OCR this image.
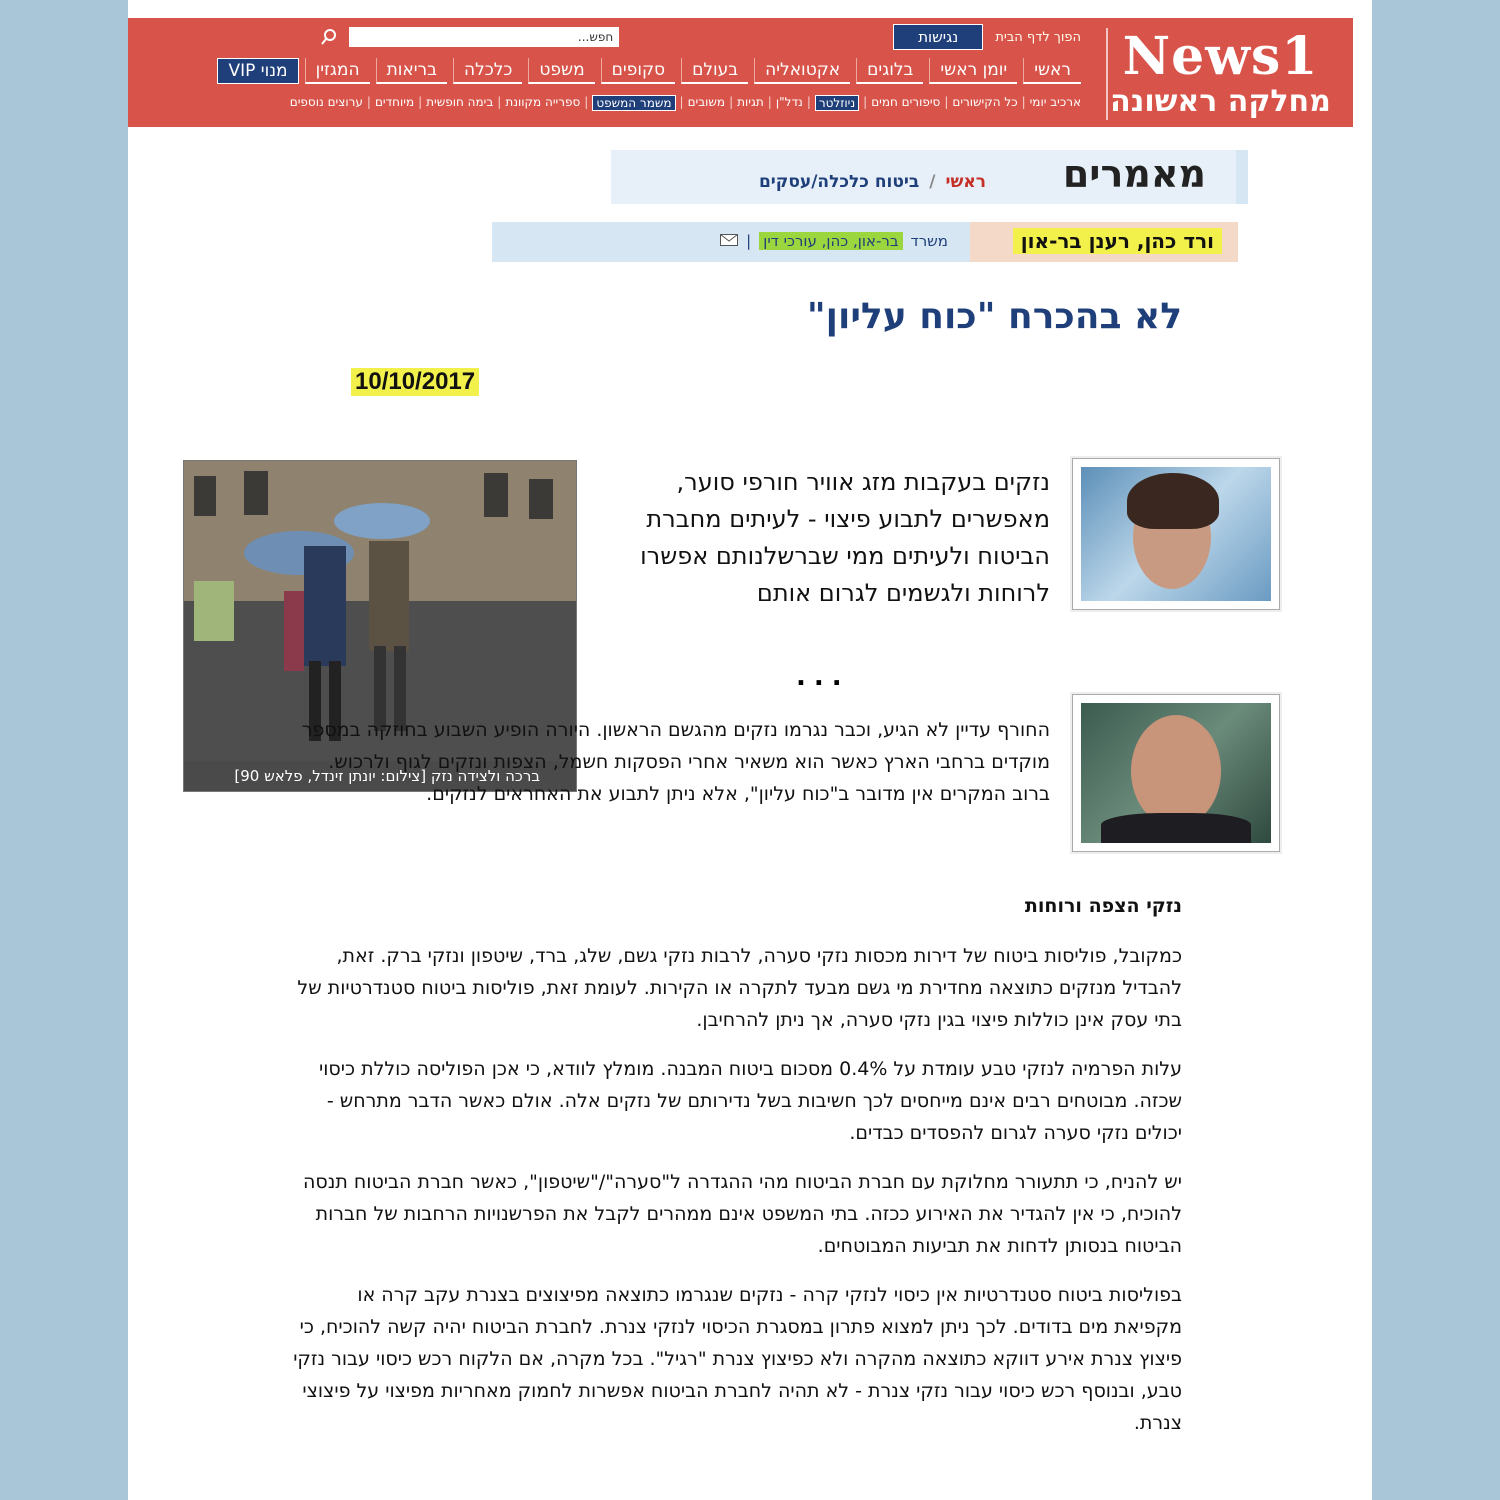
News1
מחלקה ראשונה
הפוך לדף הבית
נגישות
חפש...
ראשי
יומן ראשי
בלוגים
אקטואליה
בעולם
סקופים
משפט
כלכלה
בריאות
המגזין
מנוי VIP
ארכיב יומי
|
כל הקישורים
|
סיפורים חמים
|
ניוזלטר
|
נדל"ן
|
תגיות
|
משובים
|
משמר המשפט
|
ספרייה מקוונת
|
בימה חופשית
|
מיוחדים
|
ערוצים נוספים
מאמרים
ראשי/ביטוח כלכלה/עסקים
ורד כהן, רענן בר-און
משרד
בר-און, כהן, עורכי דין
|
לא בהכרח "כוח עליון"
10/10/2017
ברכה ולצידה נזק [צילום: יונתן זינדל, פלאש 90]
נזקים בעקבות מזג אוויר חורפי סוער, מאפשרים לתבוע פיצוי - לעיתים מחברת הביטוח ולעיתים ממי שברשלנותם אפשרו לרוחות ולגשמים לגרום אותם
...
החורף עדיין לא הגיע, וכבר נגרמו נזקים מהגשם הראשון. היורה הופיע השבוע בחוזקה במספר מוקדים ברחבי הארץ כאשר הוא משאיר אחרי הפסקות חשמל, הצפות ונזקים לגוף ולרכוש. ברוב המקרים אין מדובר ב"כוח עליון", אלא ניתן לתבוע את האחראים לנזקים.
נזקי הצפה ורוחות

כמקובל, פוליסות ביטוח של דירות מכסות נזקי סערה, לרבות נזקי גשם, שלג, ברד, שיטפון ונזקי ברק. זאת, להבדיל מנזקים כתוצאה מחדירת מי גשם מבעד לתקרה או הקירות. לעומת זאת, פוליסות ביטוח סטנדרטיות של בתי עסק אינן כוללות פיצוי בגין נזקי סערה, אך ניתן להרחיבן.

עלות הפרמיה לנזקי טבע עומדת על 0.4% מסכום ביטוח המבנה. מומלץ לוודא, כי אכן הפוליסה כוללת כיסוי שכזה. מבוטחים רבים אינם מייחסים לכך חשיבות בשל נדירותם של נזקים אלה. אולם כאשר הדבר מתרחש - יכולים נזקי סערה לגרום להפסדים כבדים.

יש להניח, כי תתעורר מחלוקת עם חברת הביטוח מהי ההגדרה ל"סערה"/"שיטפון", כאשר חברת הביטוח תנסה להוכיח, כי אין להגדיר את האירוע ככזה. בתי המשפט אינם ממהרים לקבל את הפרשנויות הרחבות של חברות הביטוח בנסותן לדחות את תביעות המבוטחים.

בפוליסות ביטוח סטנדרטיות אין כיסוי לנזקי קרה - נזקים שנגרמו כתוצאה מפיצוצים בצנרת עקב קרה או מקפיאת מים בדודים. לכך ניתן למצוא פתרון במסגרת הכיסוי לנזקי צנרת. לחברת הביטוח יהיה קשה להוכיח, כי פיצוץ צנרת אירע דווקא כתוצאה מהקרה ולא כפיצוץ צנרת "רגיל". בכל מקרה, אם הלקוח רכש כיסוי עבור נזקי טבע, ובנוסף רכש כיסוי עבור נזקי צנרת - לא תהיה לחברת הביטוח אפשרות לחמוק מאחריות מפיצוי על פיצוצי צנרת.
